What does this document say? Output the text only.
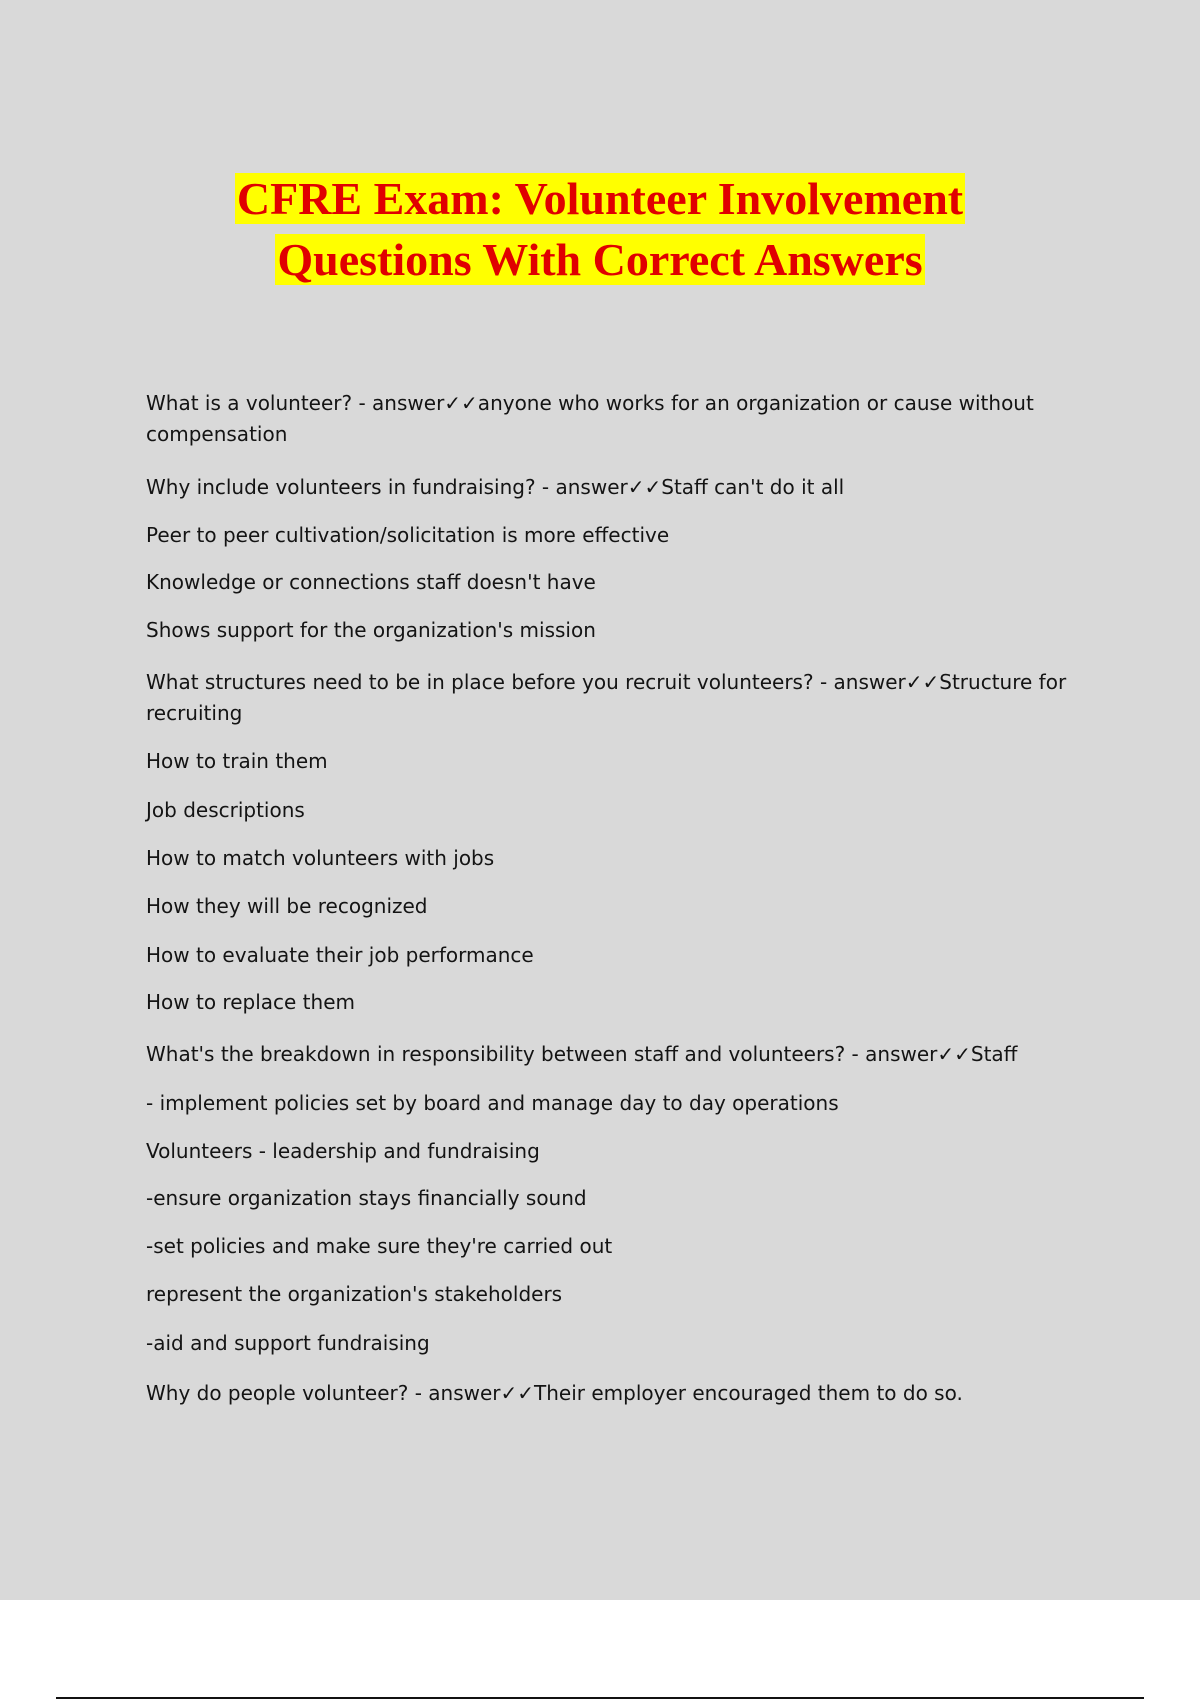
CFRE Exam: Volunteer Involvement
Questions With Correct Answers

What is a volunteer? - answer✓✓anyone who works for an organization or cause without compensation

Why include volunteers in fundraising? - answer✓✓Staff can't do it all

Peer to peer cultivation/solicitation is more effective

Knowledge or connections staff doesn't have

Shows support for the organization's mission

What structures need to be in place before you recruit volunteers? - answer✓✓Structure for recruiting

How to train them

Job descriptions

How to match volunteers with jobs

How they will be recognized

How to evaluate their job performance

How to replace them

What's the breakdown in responsibility between staff and volunteers? - answer✓✓Staff

- implement policies set by board and manage day to day operations

Volunteers - leadership and fundraising

-ensure organization stays financially sound

-set policies and make sure they're carried out

represent the organization's stakeholders

-aid and support fundraising

Why do people volunteer? - answer✓✓Their employer encouraged them to do so.
